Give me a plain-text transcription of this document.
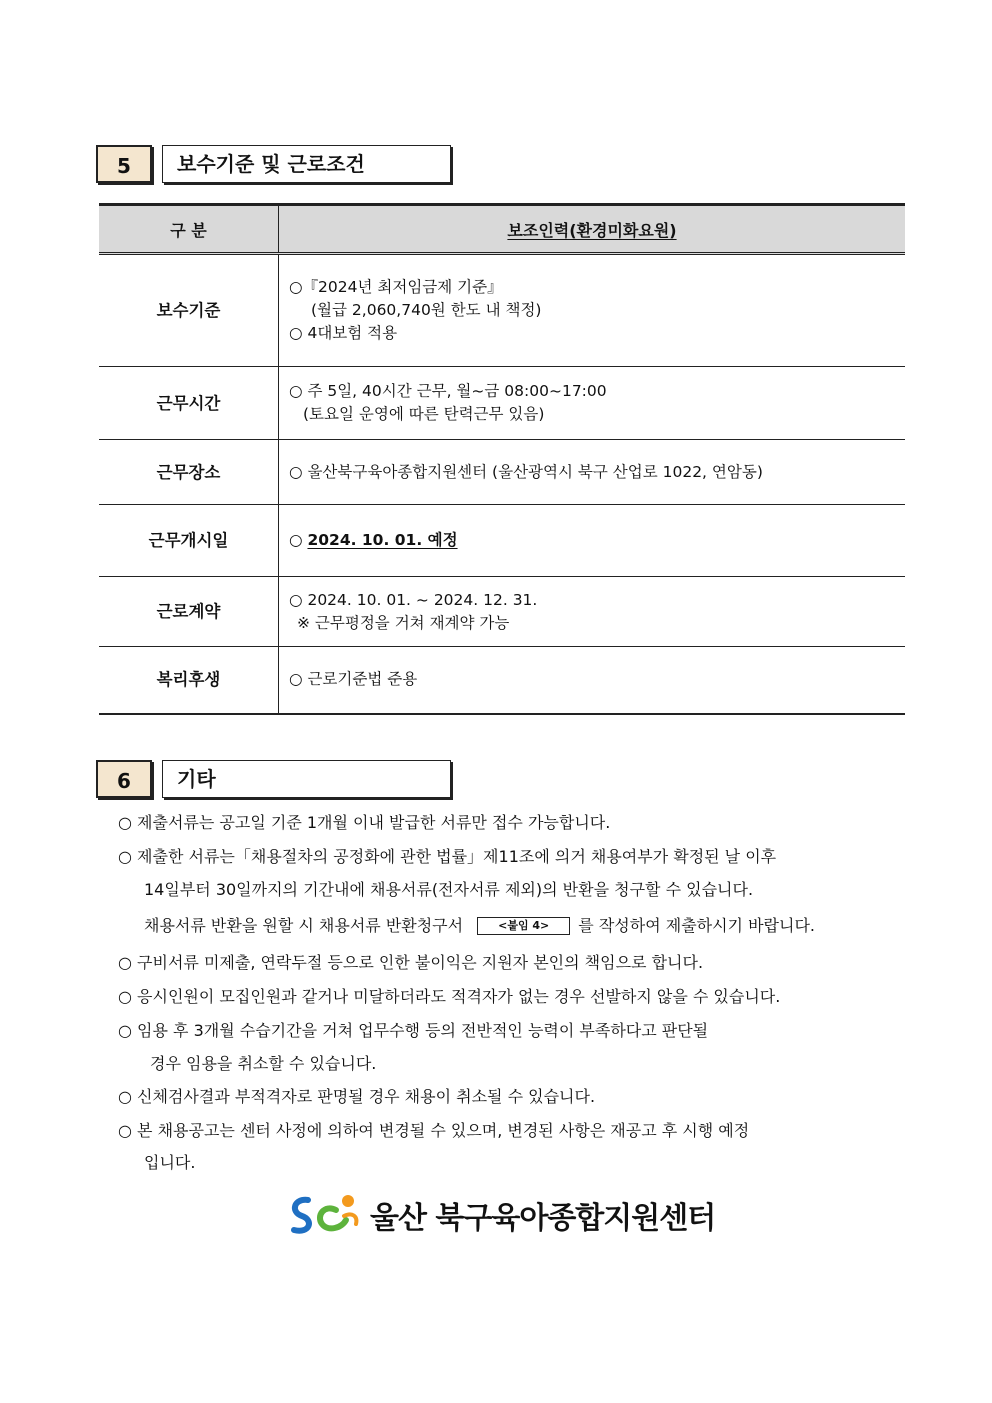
5	보수기준 및 근로조건
구 분	보조인력(환경미화요원)
보수기준	○『2024년 최저임금제 기준』
(월급 2,060,740원 한도 내 책정)
○ 4대보험 적용

근무시간	○ 주 5일, 40시간 근무, 월~금 08:00~17:00
(토요일 운영에 따른 탄력근무 있음)

근무장소	○ 울산북구육아종합지원센터 (울산광역시 북구 산업로 1022, 연암동)

근무개시일	○ 2024. 10. 01. 예정
근로계약	○ 2024. 10. 01. ~ 2024. 12. 31.
※ 근무평정을 거쳐 재계약 가능

복리후생	○ 근로기준법 준용
6	기타
○ 제출서류는 공고일 기준 1개월 이내 발급한 서류만 접수 가능합니다.
○ 제출한 서류는「채용절차의 공정화에 관한 법률」제11조에 의거 채용여부가 확정된 날 이후
14일부터 30일까지의 기간내에 채용서류(전자서류 제외)의 반환을 청구할 수 있습니다.
채용서류 반환을 원할 시 채용서류 반환청구서	<붙임 4> 를 작성하여 제출하시기 바랍니다.
○ 구비서류 미제출, 연락두절 등으로 인한 불이익은 지원자 본인의 책임으로 합니다.
○ 응시인원이 모집인원과 같거나 미달하더라도 적격자가 없는 경우 선발하지 않을 수 있습니다.
○ 임용 후 3개월 수습기간을 거쳐 업무수행 등의 전반적인 능력이 부족하다고 판단될
경우 임용을 취소할 수 있습니다.
○ 신체검사결과 부적격자로 판명될 경우 채용이 취소될 수 있습니다.
○ 본 채용공고는 센터 사정에 의하여 변경될 수 있으며, 변경된 사항은 재공고 후 시행 예정
입니다.
울산 북구육아종합지원센터
